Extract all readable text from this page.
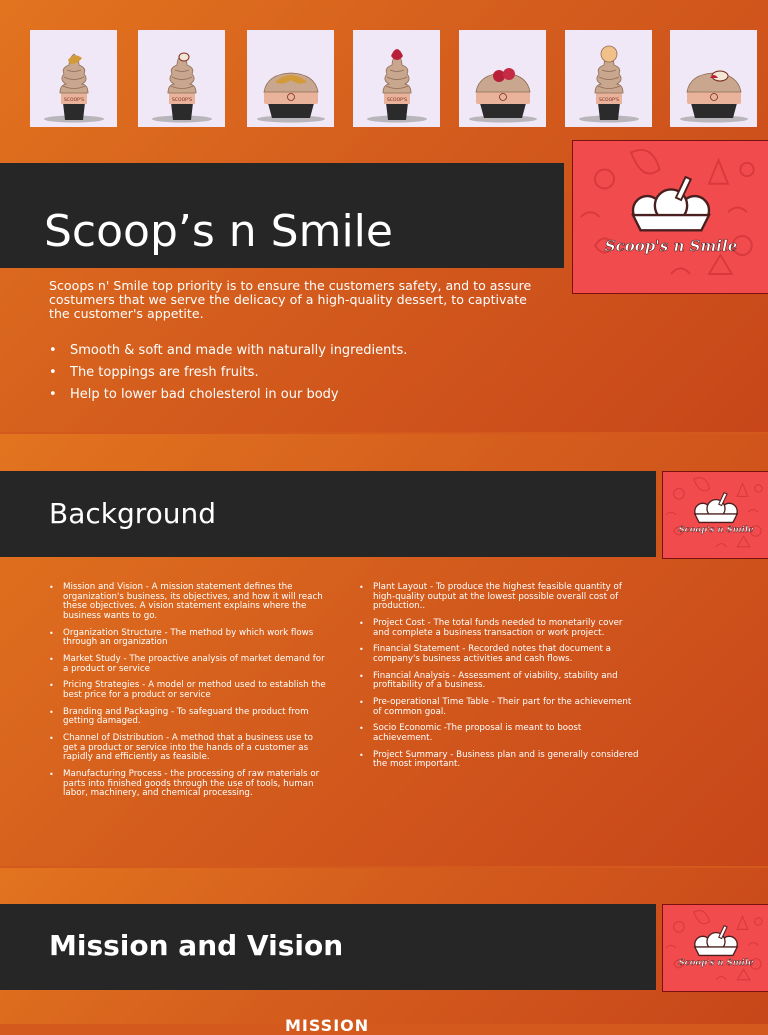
Scoop’s n Smile	Scoop's n Smile
Scoops n' Smile top priority is to ensure the customers safety, and to assure costumers that we serve the delicacy of a high-quality dessert, to captivate the customer's appetite.
• Smooth & soft and made with naturally ingredients.
• The toppings are fresh fruits.
• Help to lower bad cholesterol in our body
Scoop's n Smile
Background
• Mission and Vision - A mission statement defines the organization's business, its objectives, and how it will reach these objectives. A vision statement explains where the business wants to go.
• Organization Structure - The method by which work flows through an organization
• Market Study - The proactive analysis of market demand for a product or service
• Pricing Strategies - A model or method used to establish the best price for a product or service
• Branding and Packaging - To safeguard the product from getting damaged.
• Channel of Distribution - A method that a business use to get a product or service into the hands of a customer as rapidly and efficiently as feasible.
• Manufacturing Process - the processing of raw materials or parts into finished goods through the use of tools, human labor, machinery, and chemical processing.
• Plant Layout - To produce the highest feasible quantity of high-quality output at the lowest possible overall cost of production..
• Project Cost - The total funds needed to monetarily cover and complete a business transaction or work project.
• Financial Statement - Recorded notes that document a company's business activities and cash flows.
• Financial Analysis - Assessment of viability, stability and profitability of a business.
• Pre-operational Time Table - Their part for the achievement of common goal.
• Socio Economic -The proposal is meant to boost achievement.
• Project Summary - Business plan and is generally considered the most important.
Scoop's n Smile
Mission and Vision
MISSION
